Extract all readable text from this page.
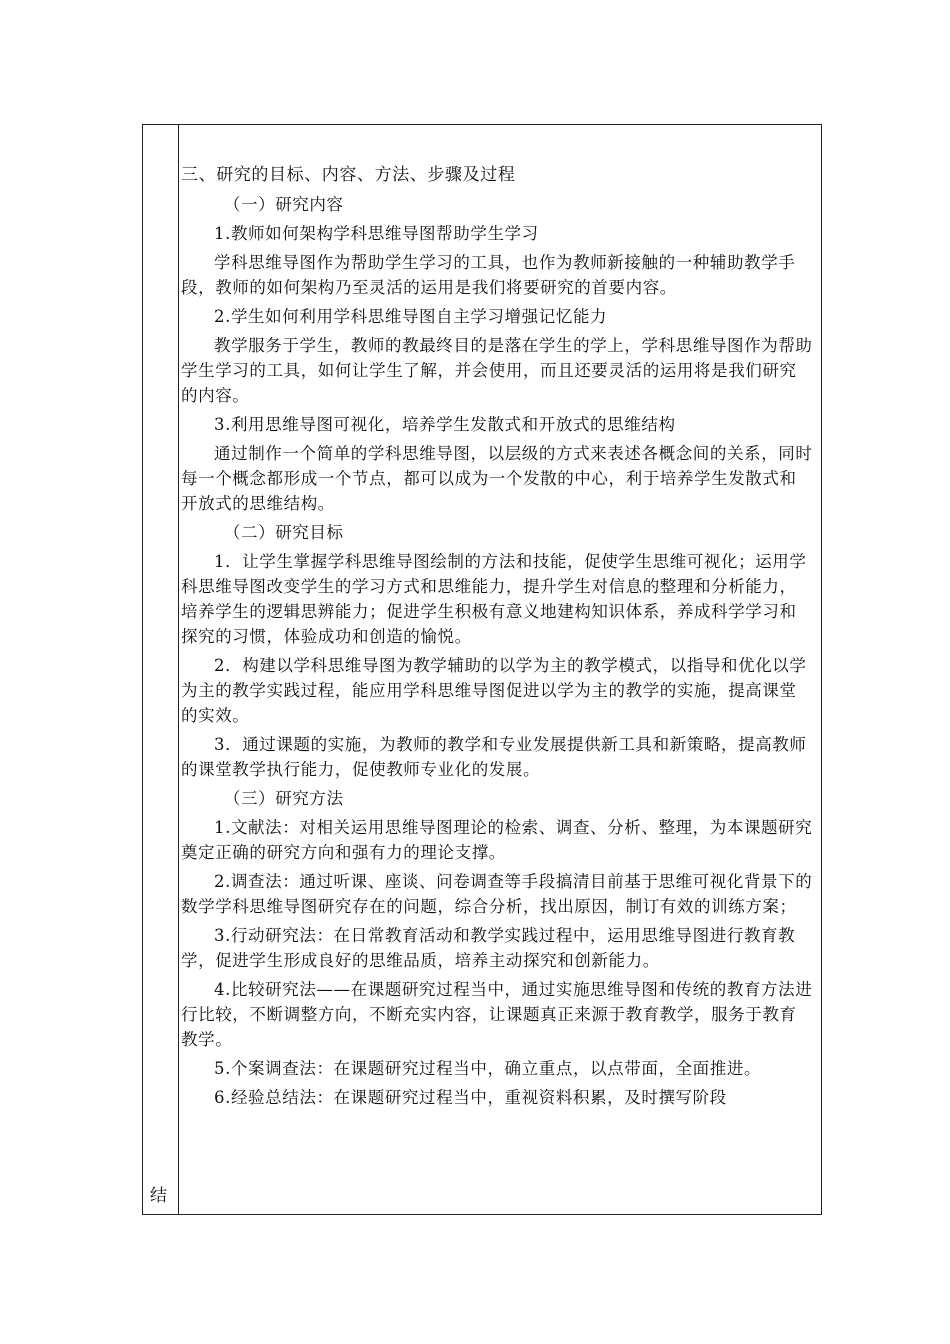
结

三、研究的目标、内容、方法、步骤及过程

（一）研究内容

1.教师如何架构学科思维导图帮助学生学习

学科思维导图作为帮助学生学习的工具，也作为教师新接触的一种辅助教学手段，教师的如何架构乃至灵活的运用是我们将要研究的首要内容。

2.学生如何利用学科思维导图自主学习增强记忆能力

教学服务于学生，教师的教最终目的是落在学生的学上，学科思维导图作为帮助学生学习的工具，如何让学生了解，并会使用，而且还要灵活的运用将是我们研究的内容。

3.利用思维导图可视化，培养学生发散式和开放式的思维结构

通过制作一个简单的学科思维导图，以层级的方式来表述各概念间的关系，同时每一个概念都形成一个节点，都可以成为一个发散的中心，利于培养学生发散式和开放式的思维结构。

（二）研究目标

1．让学生掌握学科思维导图绘制的方法和技能，促使学生思维可视化；运用学科思维导图改变学生的学习方式和思维能力，提升学生对信息的整理和分析能力，培养学生的逻辑思辨能力；促进学生积极有意义地建构知识体系，养成科学学习和探究的习惯，体验成功和创造的愉悦。

2．构建以学科思维导图为教学辅助的以学为主的教学模式，以指导和优化以学为主的教学实践过程，能应用学科思维导图促进以学为主的教学的实施，提高课堂的实效。

3．通过课题的实施，为教师的教学和专业发展提供新工具和新策略，提高教师的课堂教学执行能力，促使教师专业化的发展。

（三）研究方法

1.文献法：对相关运用思维导图理论的检索、调查、分析、整理，为本课题研究奠定正确的研究方向和强有力的理论支撑。

2.调查法：通过听课、座谈、问卷调查等手段搞清目前基于思维可视化背景下的数学学科思维导图研究存在的问题，综合分析，找出原因，制订有效的训练方案；

3.行动研究法：在日常教育活动和教学实践过程中，运用思维导图进行教育教学，促进学生形成良好的思维品质，培养主动探究和创新能力。

4.比较研究法——在课题研究过程当中，通过实施思维导图和传统的教育方法进行比较，不断调整方向，不断充实内容，让课题真正来源于教育教学，服务于教育教学。

5.个案调查法：在课题研究过程当中，确立重点，以点带面，全面推进。

6.经验总结法：在课题研究过程当中，重视资料积累，及时撰写阶段
